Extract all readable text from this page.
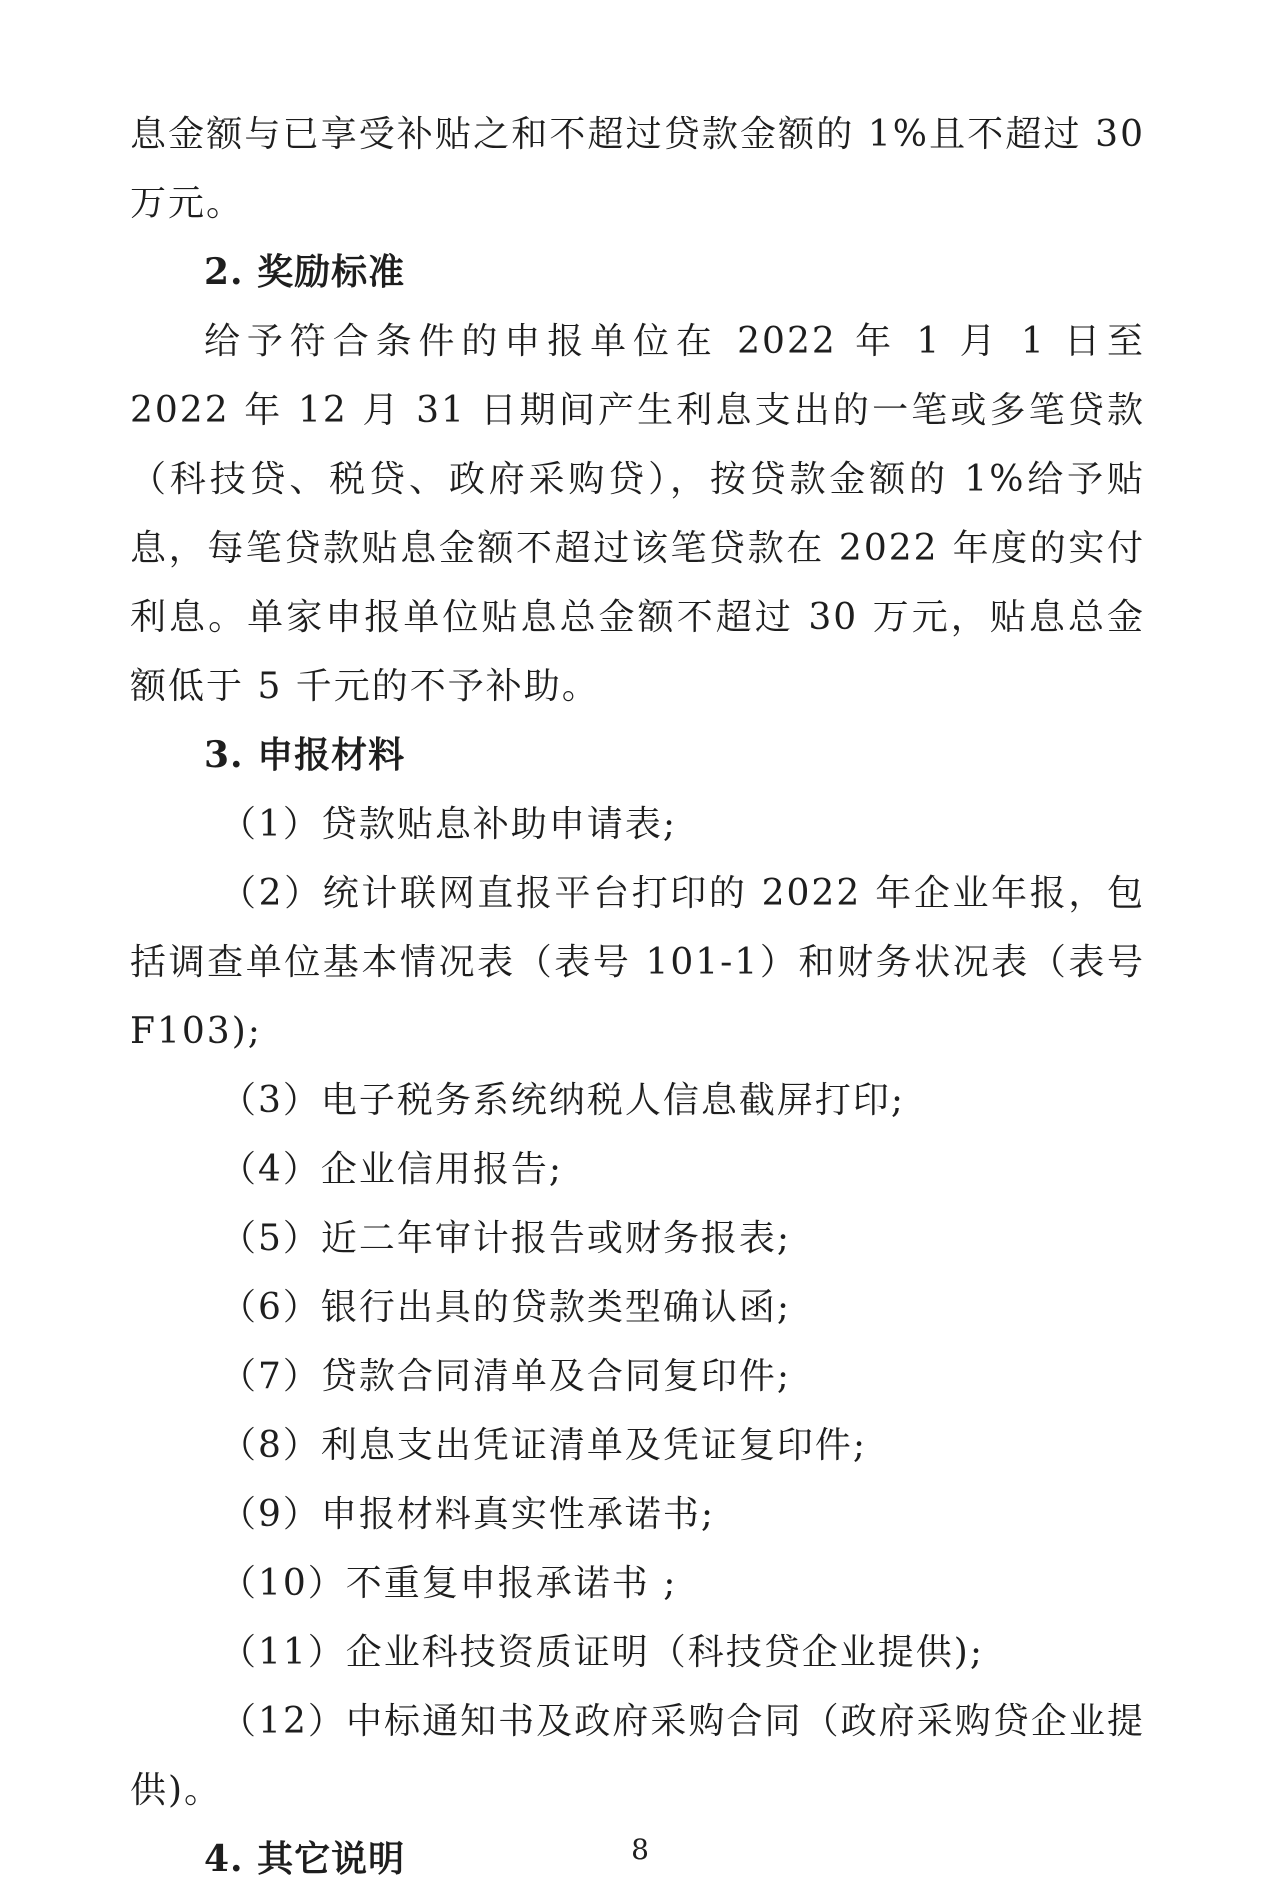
息金额与已享受补贴之和不超过贷款金额的 1%且不超过 30 万元。

2. 奖励标准

给予符合条件的申报单位在 2022 年 1 月 1 日至 2022 年 12 月 31 日期间产生利息支出的一笔或多笔贷款（科技贷、税贷、政府采购贷），按贷款金额的 1%给予贴息，每笔贷款贴息金额不超过该笔贷款在 2022 年度的实付利息。单家申报单位贴息总金额不超过 30 万元，贴息总金额低于 5 千元的不予补助。

3. 申报材料

（1）贷款贴息补助申请表;

（2）统计联网直报平台打印的 2022 年企业年报，包括调查单位基本情况表（表号 101-1）和财务状况表（表号 F103);

（3）电子税务系统纳税人信息截屏打印;

（4）企业信用报告;

（5）近二年审计报告或财务报表;

（6）银行出具的贷款类型确认函;

（7）贷款合同清单及合同复印件;

（8）利息支出凭证清单及凭证复印件;

（9）申报材料真实性承诺书;

（10）不重复申报承诺书 ;

（11）企业科技资质证明（科技贷企业提供);

（12）中标通知书及政府采购合同（政府采购贷企业提供)。

4. 其它说明	8
